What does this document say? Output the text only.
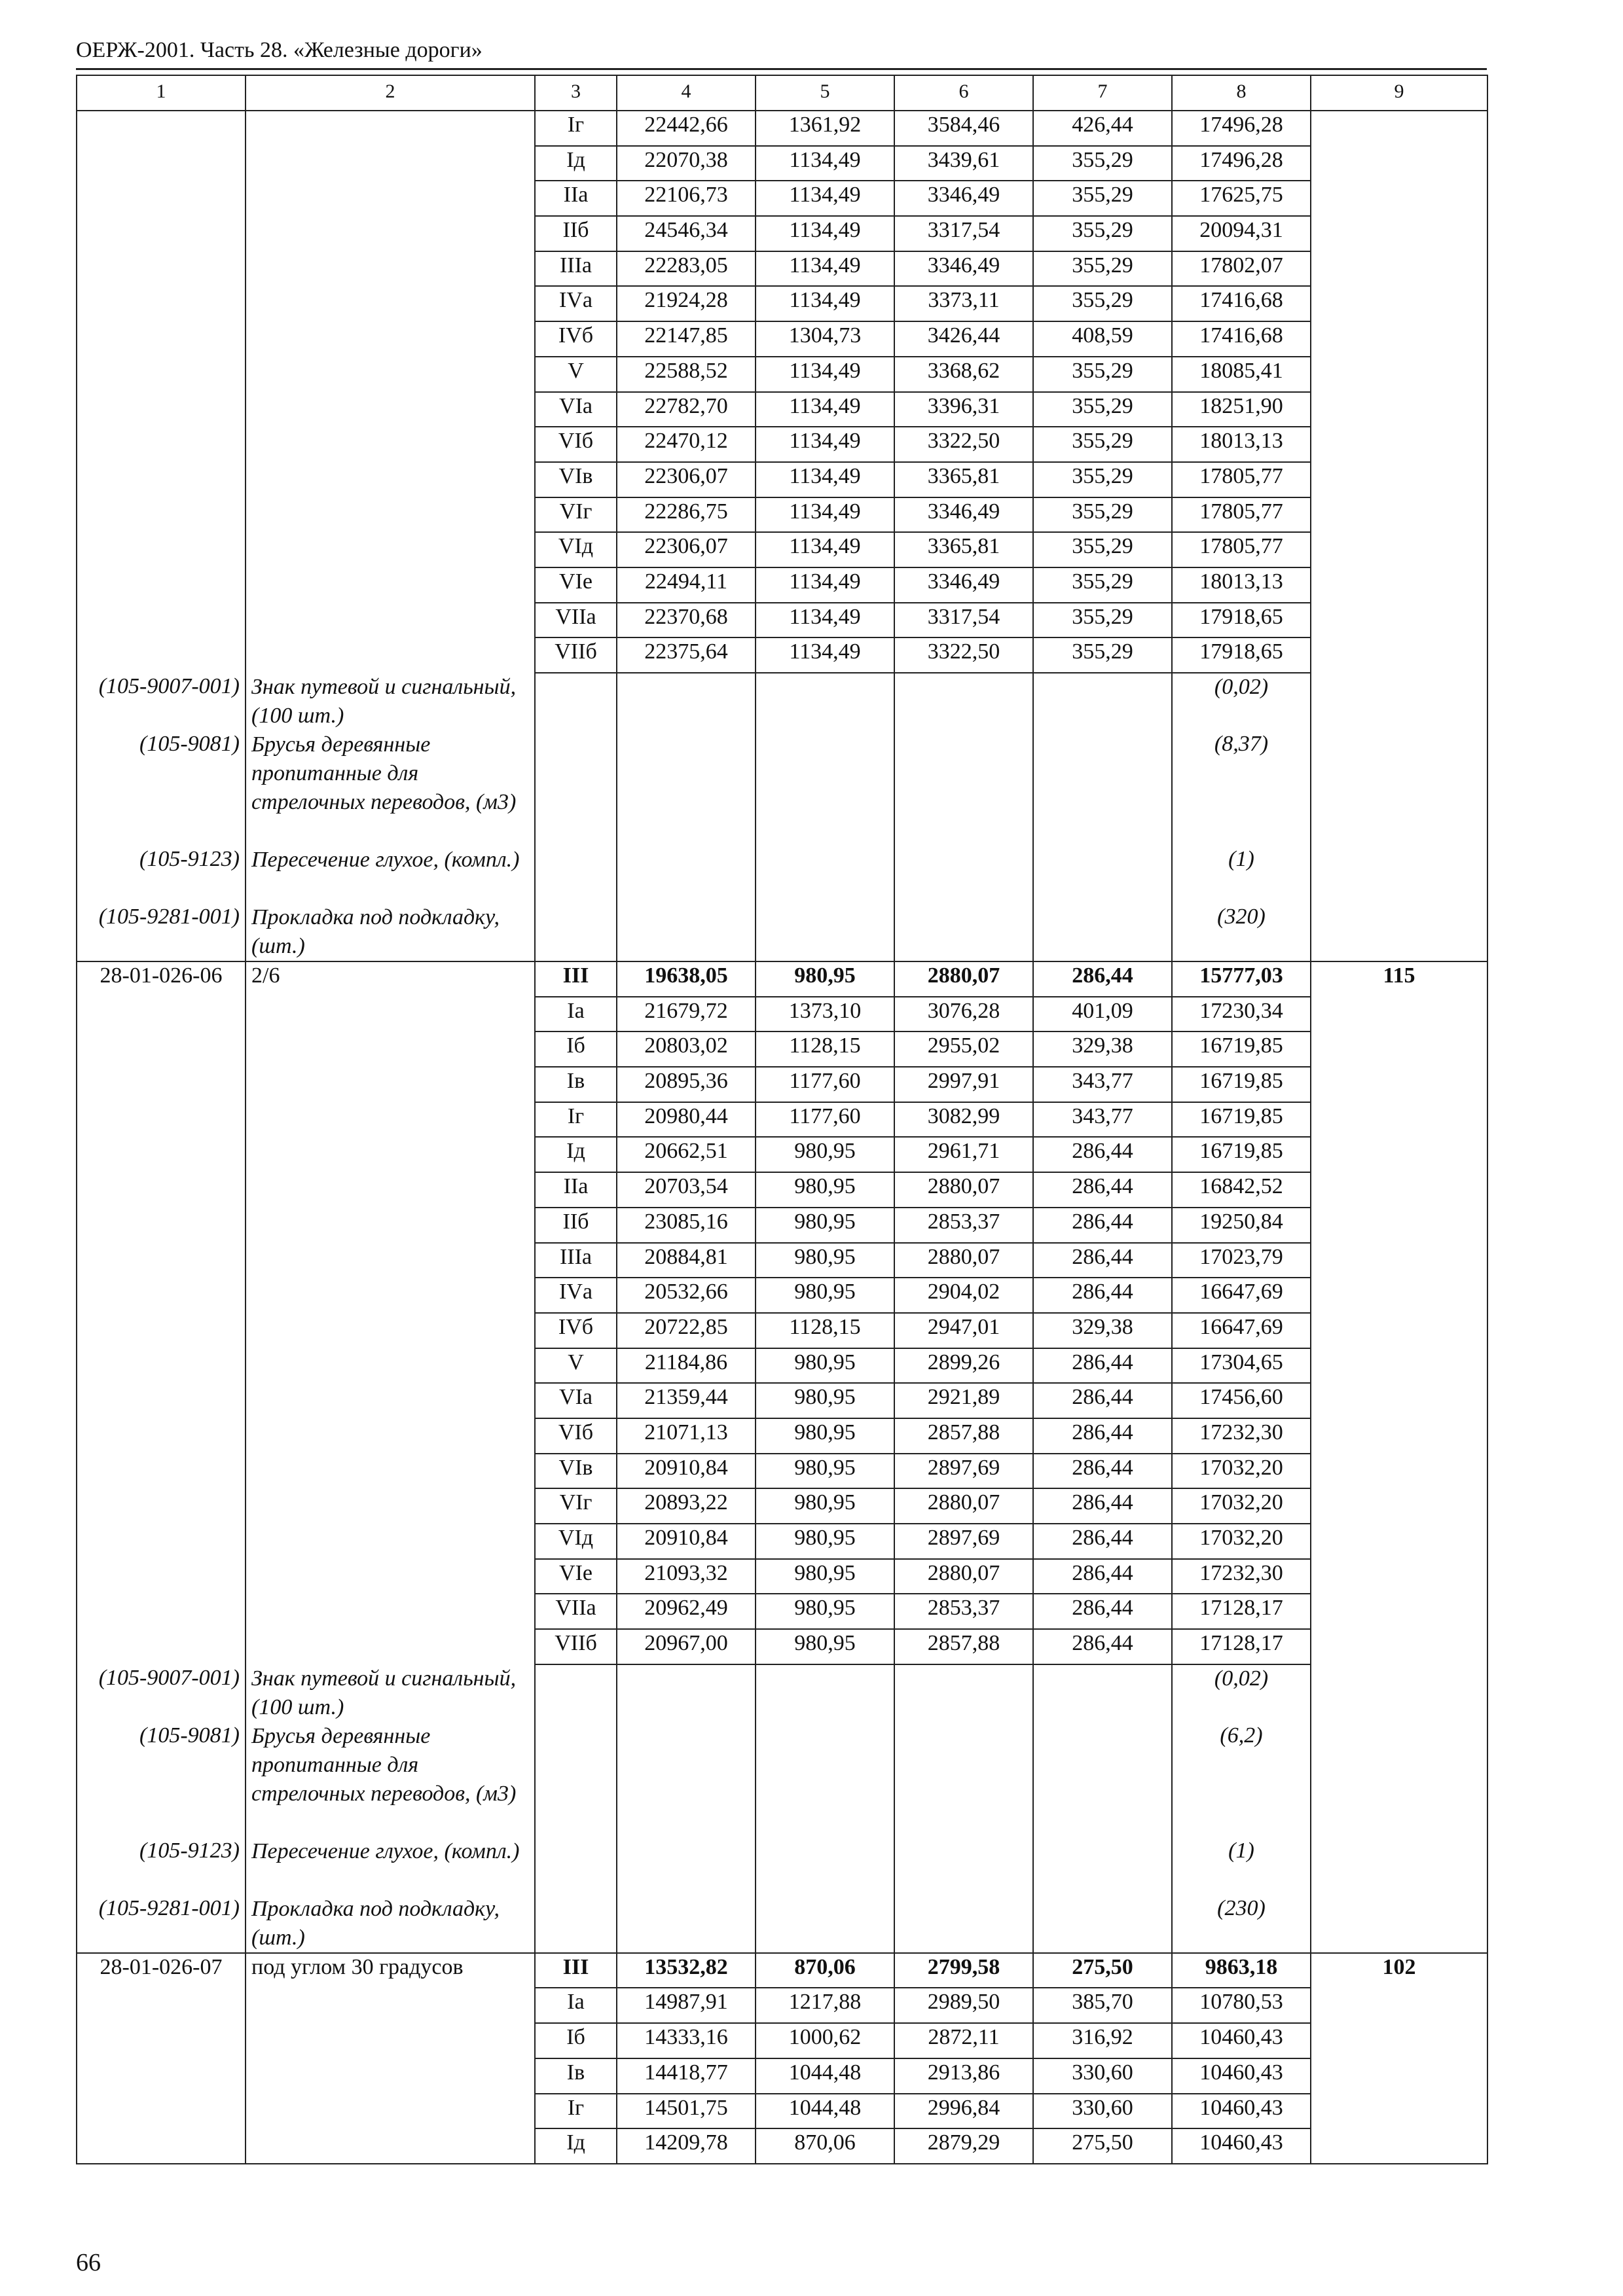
ОЕРЖ-2001. Часть 28. «Железные дороги»
1	2	3	4	5	6	7	8	9
		Iг	22442,66	1361,92	3584,46	426,44	17496,28	
		Iд	22070,38	1134,49	3439,61	355,29	17496,28	
		IIа	22106,73	1134,49	3346,49	355,29	17625,75	
		IIб	24546,34	1134,49	3317,54	355,29	20094,31	
		IIIа	22283,05	1134,49	3346,49	355,29	17802,07	
		IVа	21924,28	1134,49	3373,11	355,29	17416,68	
		IVб	22147,85	1304,73	3426,44	408,59	17416,68	
		V	22588,52	1134,49	3368,62	355,29	18085,41	
		VIа	22782,70	1134,49	3396,31	355,29	18251,90	
		VIб	22470,12	1134,49	3322,50	355,29	18013,13	
		VIв	22306,07	1134,49	3365,81	355,29	17805,77	
		VIг	22286,75	1134,49	3346,49	355,29	17805,77	
		VIд	22306,07	1134,49	3365,81	355,29	17805,77	
		VIе	22494,11	1134,49	3346,49	355,29	18013,13	
		VIIа	22370,68	1134,49	3317,54	355,29	17918,65	
		VIIб	22375,64	1134,49	3322,50	355,29	17918,65	
(105-9007-001)	Знак путевой и сигнальный, (100 шт.)						(0,02)	
(105-9081)	Брусья деревянные пропитанные для стрелочных переводов, (м3)						(8,37)	
(105-9123)	Пересечение глухое, (компл.)						(1)	
(105-9281-001)	Прокладка под подкладку, (шт.)						(320)	
28-01-026-06	2/6	III	19638,05	980,95	2880,07	286,44	15777,03	115
		Iа	21679,72	1373,10	3076,28	401,09	17230,34	
		Iб	20803,02	1128,15	2955,02	329,38	16719,85	
		Iв	20895,36	1177,60	2997,91	343,77	16719,85	
		Iг	20980,44	1177,60	3082,99	343,77	16719,85	
		Iд	20662,51	980,95	2961,71	286,44	16719,85	
		IIа	20703,54	980,95	2880,07	286,44	16842,52	
		IIб	23085,16	980,95	2853,37	286,44	19250,84	
		IIIа	20884,81	980,95	2880,07	286,44	17023,79	
		IVа	20532,66	980,95	2904,02	286,44	16647,69	
		IVб	20722,85	1128,15	2947,01	329,38	16647,69	
		V	21184,86	980,95	2899,26	286,44	17304,65	
		VIа	21359,44	980,95	2921,89	286,44	17456,60	
		VIб	21071,13	980,95	2857,88	286,44	17232,30	
		VIв	20910,84	980,95	2897,69	286,44	17032,20	
		VIг	20893,22	980,95	2880,07	286,44	17032,20	
		VIд	20910,84	980,95	2897,69	286,44	17032,20	
		VIе	21093,32	980,95	2880,07	286,44	17232,30	
		VIIа	20962,49	980,95	2853,37	286,44	17128,17	
		VIIб	20967,00	980,95	2857,88	286,44	17128,17	
(105-9007-001)	Знак путевой и сигнальный, (100 шт.)						(0,02)	
(105-9081)	Брусья деревянные пропитанные для стрелочных переводов, (м3)						(6,2)	
(105-9123)	Пересечение глухое, (компл.)						(1)	
(105-9281-001)	Прокладка под подкладку, (шт.)						(230)	
28-01-026-07	под углом 30 градусов	III	13532,82	870,06	2799,58	275,50	9863,18	102
		Iа	14987,91	1217,88	2989,50	385,70	10780,53	
		Iб	14333,16	1000,62	2872,11	316,92	10460,43	
		Iв	14418,77	1044,48	2913,86	330,60	10460,43	
		Iг	14501,75	1044,48	2996,84	330,60	10460,43	
		Iд	14209,78	870,06	2879,29	275,50	10460,43	
66
